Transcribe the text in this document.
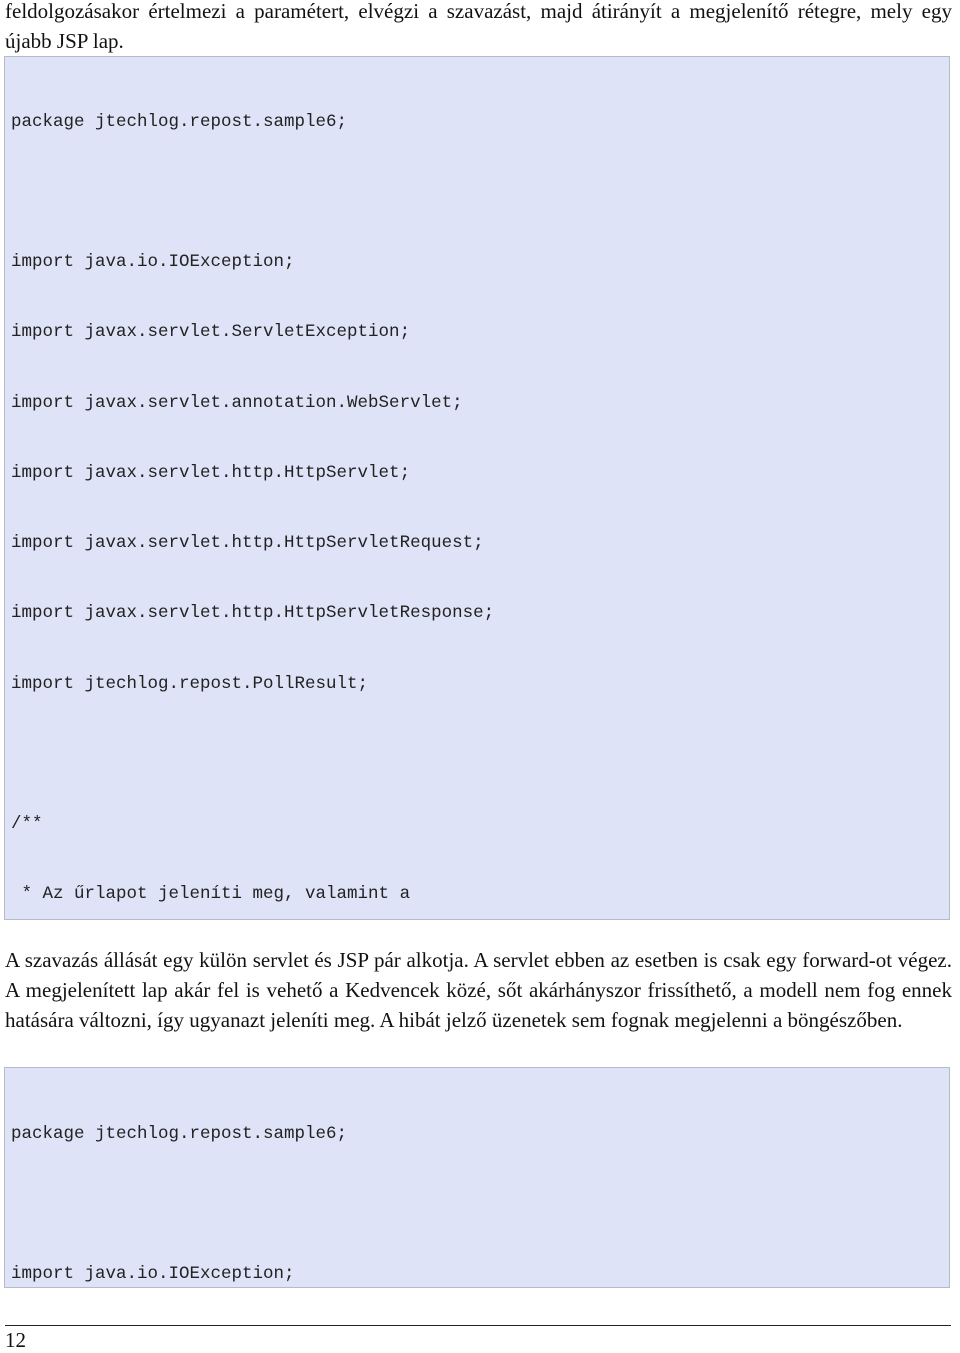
feldolgozásakor értelmezi a paramétert, elvégzi a szavazást, majd átirányít a megjelenítő rétegre, mely egy újabb JSP lap.

package jtechlog.repost.sample6;

import java.io.IOException;

import javax.servlet.ServletException;

import javax.servlet.annotation.WebServlet;

import javax.servlet.http.HttpServlet;

import javax.servlet.http.HttpServletRequest;

import javax.servlet.http.HttpServletResponse;

import jtechlog.repost.PollResult;

/**

* Az űrlapot jeleníti meg, valamint a

A szavazás állását egy külön servlet és JSP pár alkotja. A servlet ebben az esetben is csak egy forward-ot végez. A megjelenített lap akár fel is vehető a Kedvencek közé, sőt akárhányszor frissíthető, a modell nem fog ennek hatására változni, így ugyanazt jeleníti meg. A hibát jelző üzenetek sem fognak megjelenni a böngészőben.

package jtechlog.repost.sample6;

import java.io.IOException;

12
